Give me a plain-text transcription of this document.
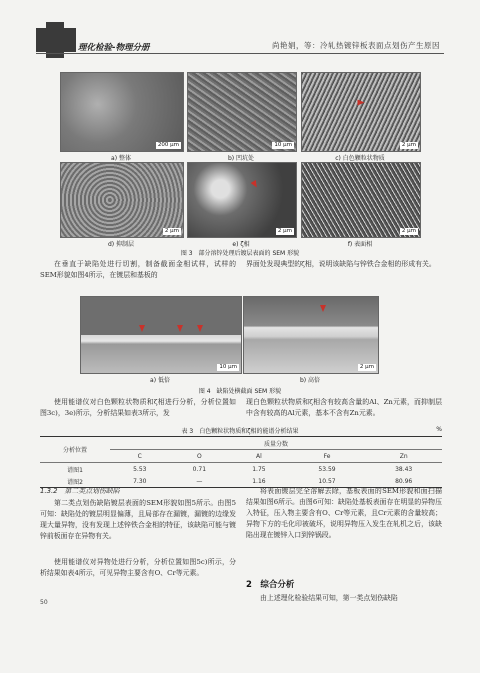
理化检验-物理分册	尚艳娟，等：冷轧热镀锌板表面点划伤产生原因
200 μm	10 μm	2 μm
a) 整体	b) 凹坑处	c) 白色颗粒状物质
2 μm	2 μm	2 μm
d) 抑制层	e) ζ相	f) 表面相
图 3　部分溶锌处理后镀层表面的 SEM 形貌
在垂直于缺陷处进行切割，制备截面金相试样，试样的SEM形貌如图4所示，在镀层和基板的
界面处发现典型的ζ相，说明该缺陷与锌铁合金相的形成有关。
10 μm	2 μm
a) 低倍	b) 高倍
图 4　缺陷处横截面 SEM 形貌
使用能谱仪对白色颗粒状物质和ζ相进行分析，分析位置如图3c)，3e)所示，分析结果如表3所示，发
现白色颗粒状物质和ζ相含有较高含量的Al、Zn元素，而抑制层中含有较高的Al元素，基本不含有Zn元素。
表 3　白色颗粒状物质和ζ相的能谱分析结果	%
分析位置	质量分数				
	C	O	Al	Fe	Zn
谱图1	5.53	0.71	1.75	53.59	38.43
谱图2	7.30	—	1.16	10.57	80.96
1.3.2　第二类点划伤缺陷
第二类点划伤缺陷镀层表面的SEM形貌如图5所示。由图5可知：缺陷处的镀层明显偏薄，且局部存在漏镀，漏镀的边缘发现大量异物，没有发现上述锌铁合金相的特征，该缺陷可能与镀锌前板面存在异物有关。
使用能谱仪对异物处进行分析，分析位置如图5c)所示，分析结果如表4所示，可见异物主要含有O、Cr等元素。
将表面镀层完全溶解去除，基板表面的SEM形貌和面扫描结果如图6所示。由图6可知：缺陷处基板表面存在明显的异物压入特征，压入物主要含有O、Cr等元素，且Cr元素的含量较高；异物下方的毛化印被破坏，说明异物压入发生在轧机之后，该缺陷出现在镀锌入口到锌锅段。
2　综合分析
由上述理化检验结果可知，第一类点划伤缺陷
50
